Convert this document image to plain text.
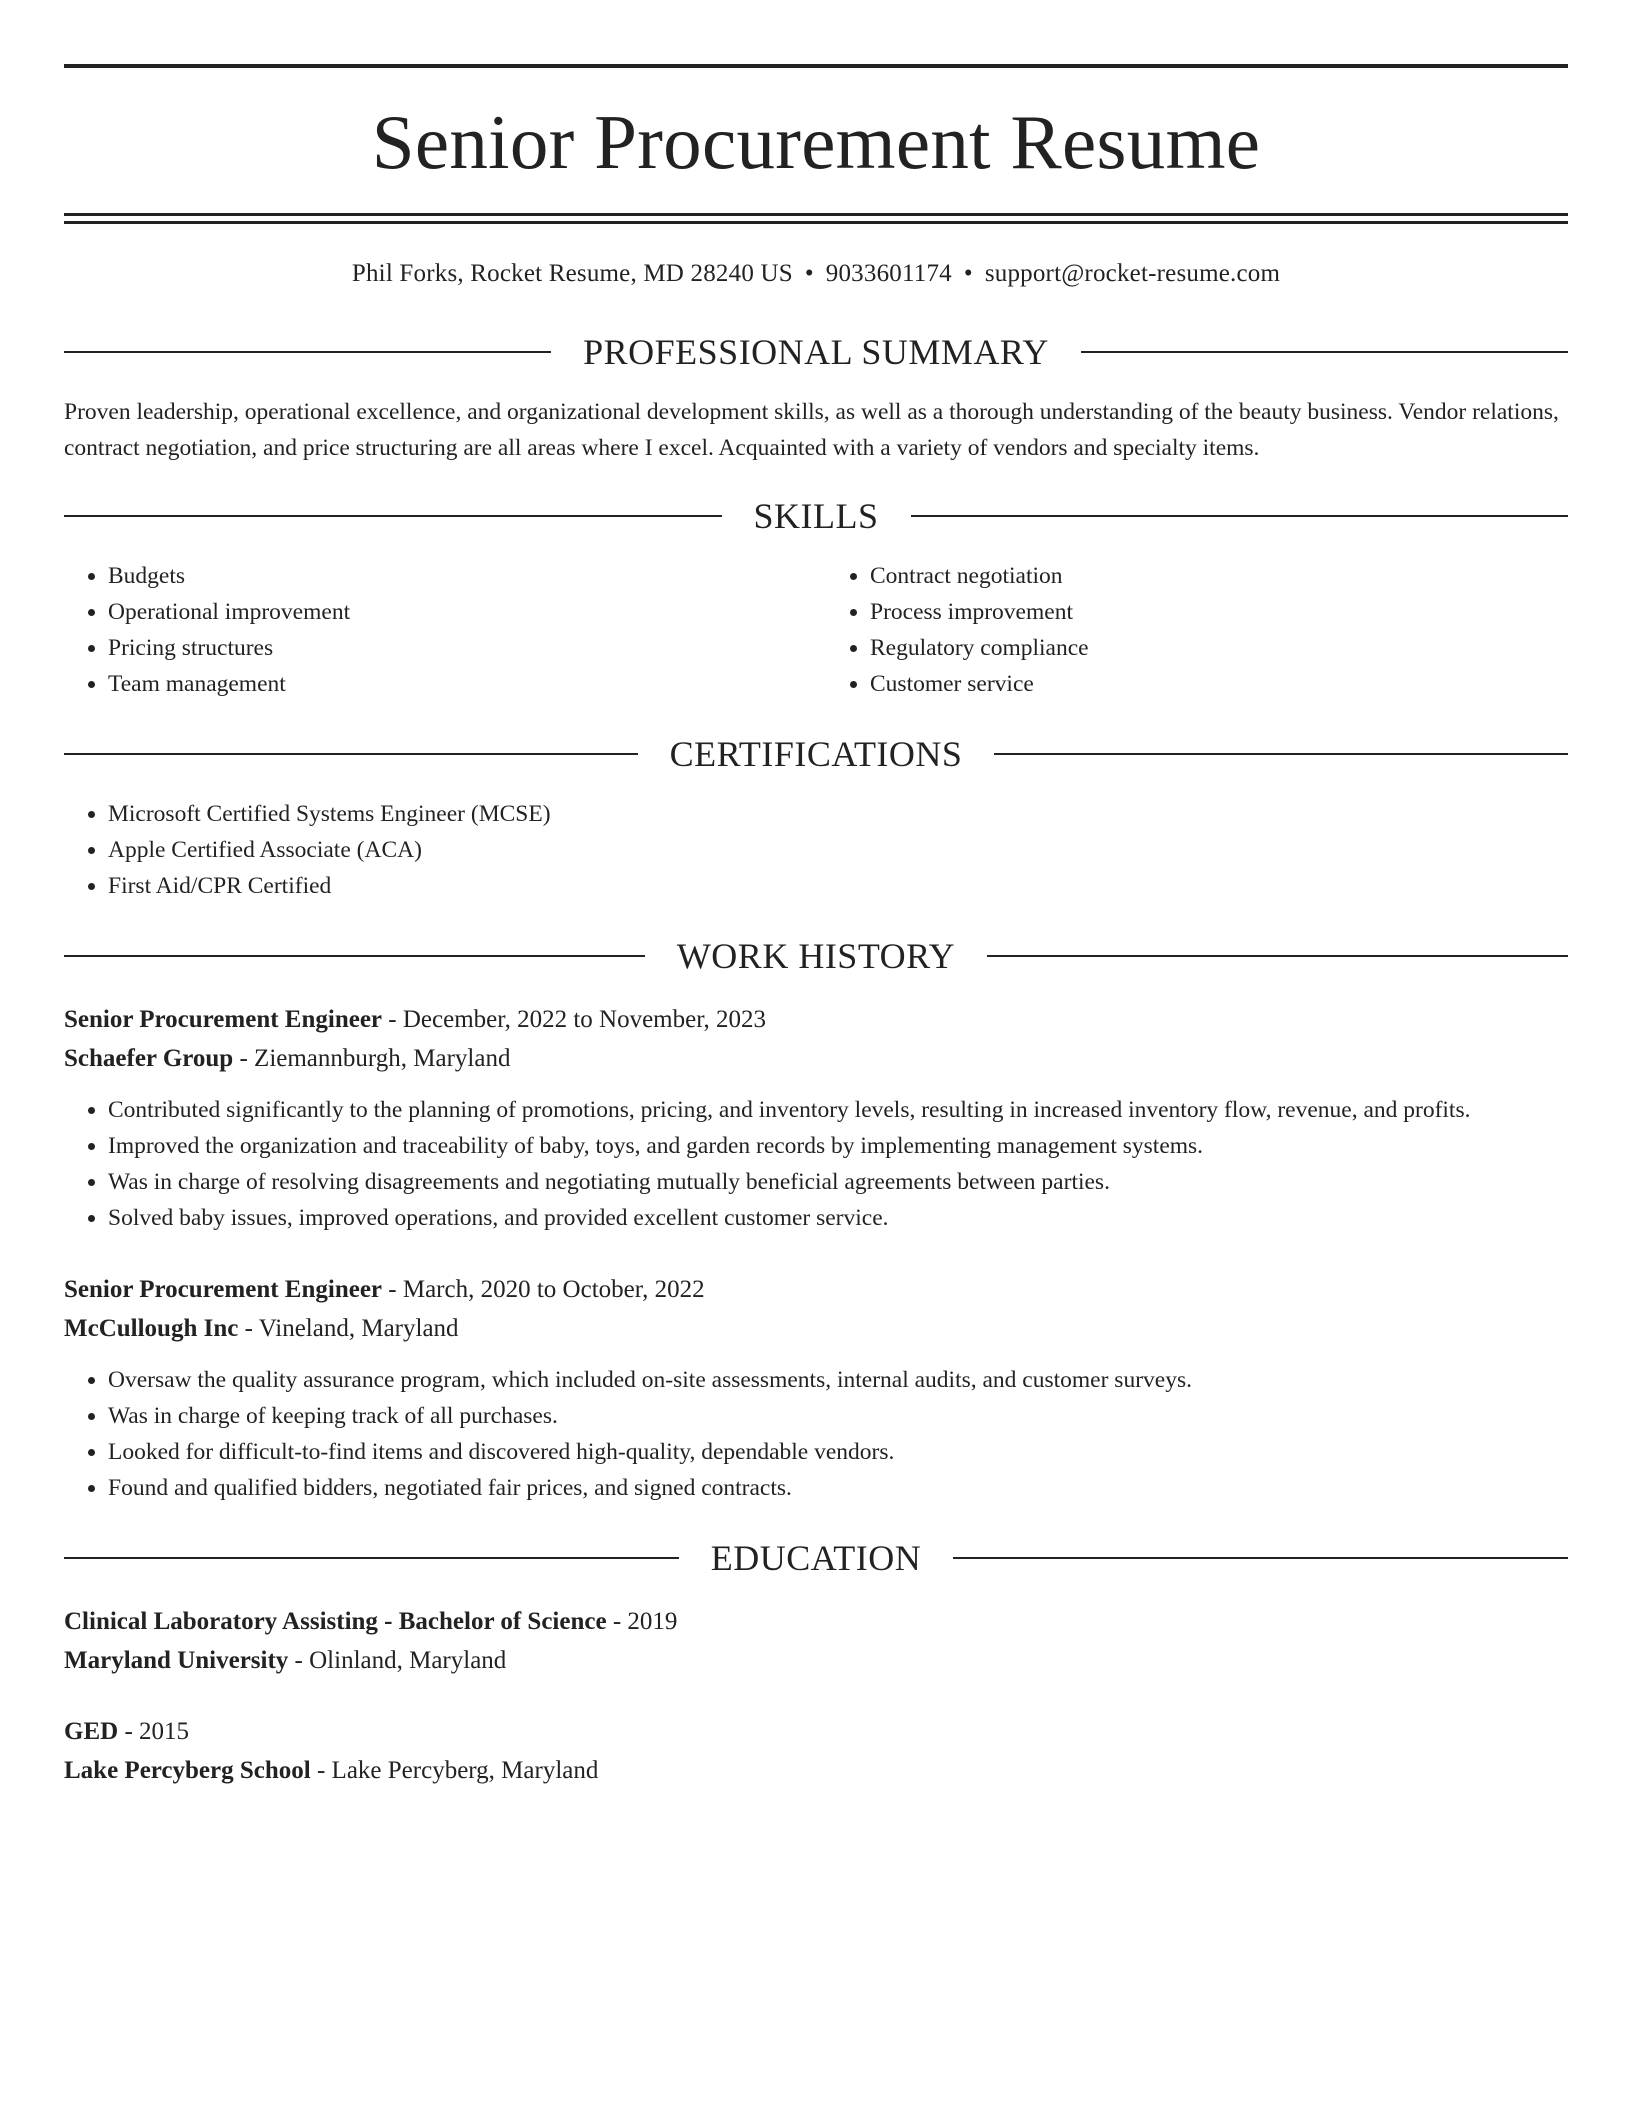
Senior Procurement Resume
Phil Forks, Rocket Resume, MD 28240 US • 9033601174 • support@rocket-resume.com
PROFESSIONAL SUMMARY
Proven leadership, operational excellence, and organizational development skills, as well as a thorough understanding of the beauty business. Vendor relations, contract negotiation, and price structuring are all areas where I excel. Acquainted with a variety of vendors and specialty items.
SKILLS
• Budgets
• Operational improvement
• Pricing structures
• Team management
• Contract negotiation
• Process improvement
• Regulatory compliance
• Customer service
CERTIFICATIONS
• Microsoft Certified Systems Engineer (MCSE)
• Apple Certified Associate (ACA)
• First Aid/CPR Certified
WORK HISTORY
Senior Procurement Engineer - December, 2022 to November, 2023
Schaefer Group - Ziemannburgh, Maryland
• Contributed significantly to the planning of promotions, pricing, and inventory levels, resulting in increased inventory flow, revenue, and profits.
• Improved the organization and traceability of baby, toys, and garden records by implementing management systems.
• Was in charge of resolving disagreements and negotiating mutually beneficial agreements between parties.
• Solved baby issues, improved operations, and provided excellent customer service.
Senior Procurement Engineer - March, 2020 to October, 2022
McCullough Inc - Vineland, Maryland
• Oversaw the quality assurance program, which included on-site assessments, internal audits, and customer surveys.
• Was in charge of keeping track of all purchases.
• Looked for difficult-to-find items and discovered high-quality, dependable vendors.
• Found and qualified bidders, negotiated fair prices, and signed contracts.
EDUCATION
Clinical Laboratory Assisting - Bachelor of Science - 2019
Maryland University - Olinland, Maryland
GED - 2015
Lake Percyberg School - Lake Percyberg, Maryland
